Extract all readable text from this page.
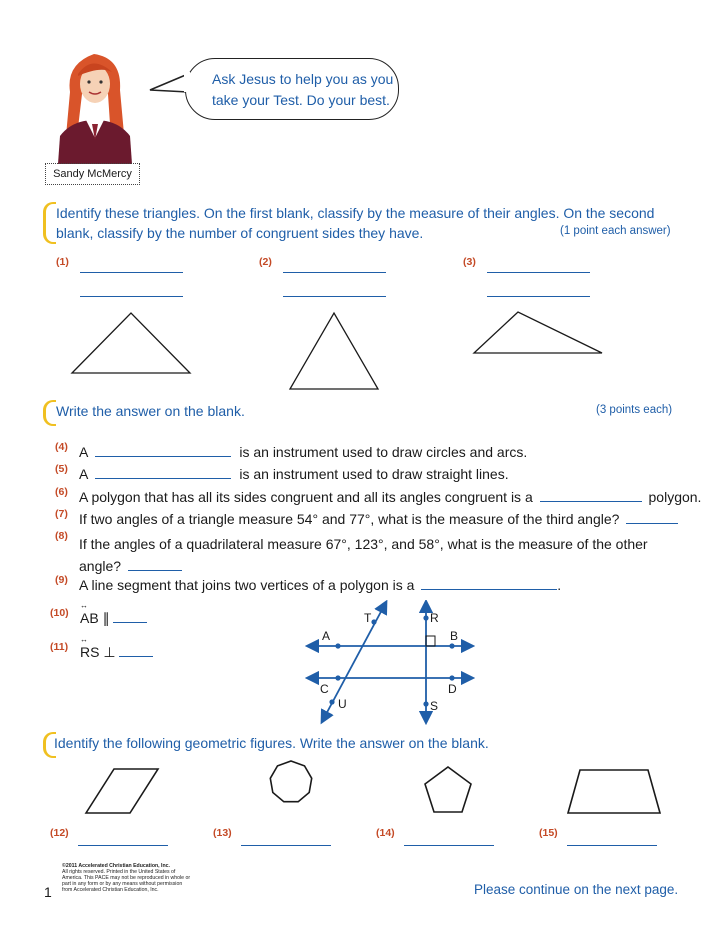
Sandy McMercy
Ask Jesus to help you as you
take your Test. Do your best.
Identify these triangles. On the first blank, classify by the measure of their angles. On the second
blank, classify by the number of congruent sides they have.	(1 point each answer)
(1)	(2)	(3)
Write the answer on the blank.	(3 points each)
(4) A	is an instrument used to draw circles and arcs.
(5) A	is an instrument used to draw straight lines.
(6) A polygon that has all its sides congruent and all its angles congruent is a	polygon.
(7) If two angles of a triangle measure 54° and 77°, what is the measure of the third angle?
(8) If the angles of a quadrilateral measure 67°, 123°, and 58°, what is the measure of the other
angle?
(9) A line segment that joins two vertices of a polygon is a	.
(10)
↔
AB ∥
(11)
↔
RS ⊥
A	B
C	D
R
S
T
U
Identify the following geometric figures. Write the answer on the blank.
(12)	(13)	(14)	(15)
©2011 Accelerated Christian Education, Inc.
All rights reserved. Printed in the United States of
America. This PACE may not be reproduced in whole or
part in any form or by any means without permission
from Accelerated Christian Education, Inc.
1	Please continue on the next page.
